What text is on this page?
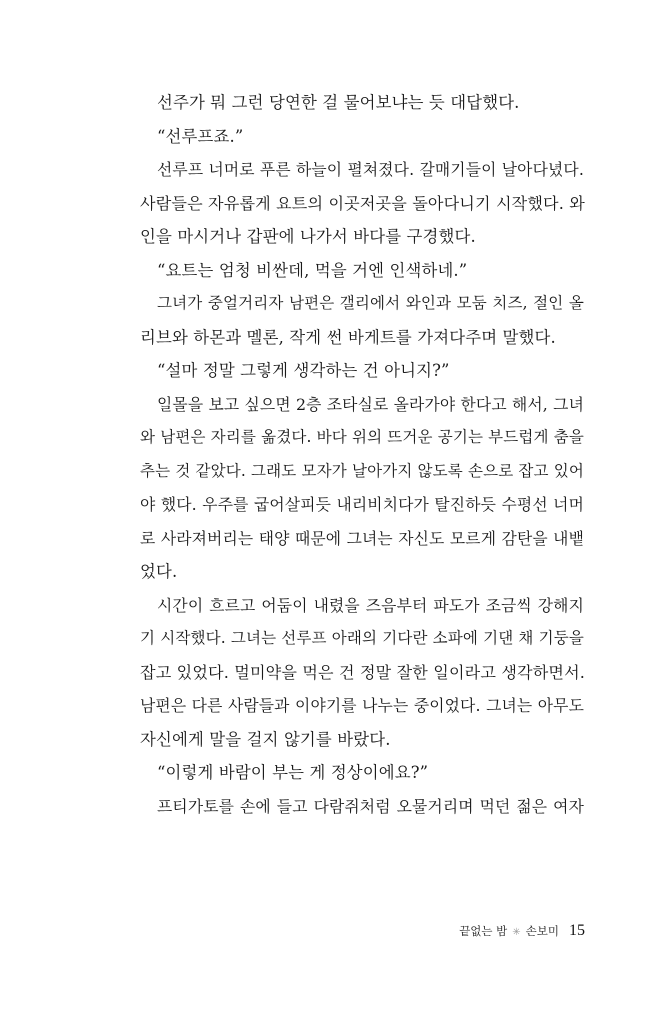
선주가 뭐 그런 당연한 걸 물어보냐는 듯 대답했다.
“선루프죠.”
선루프 너머로 푸른 하늘이 펼쳐졌다. 갈매기들이 날아다녔다.
사람들은 자유롭게 요트의 이곳저곳을 돌아다니기 시작했다. 와
인을 마시거나 갑판에 나가서 바다를 구경했다.
“요트는 엄청 비싼데, 먹을 거엔 인색하네.”
그녀가 중얼거리자 남편은 갤리에서 와인과 모둠 치즈, 절인 올
리브와 하몬과 멜론, 작게 썬 바게트를 가져다주며 말했다.
“설마 정말 그렇게 생각하는 건 아니지?”
일몰을 보고 싶으면 2층 조타실로 올라가야 한다고 해서, 그녀
와 남편은 자리를 옮겼다. 바다 위의 뜨거운 공기는 부드럽게 춤을
추는 것 같았다. 그래도 모자가 날아가지 않도록 손으로 잡고 있어
야 했다. 우주를 굽어살피듯 내리비치다가 탈진하듯 수평선 너머
로 사라져버리는 태양 때문에 그녀는 자신도 모르게 감탄을 내뱉
었다.
시간이 흐르고 어둠이 내렸을 즈음부터 파도가 조금씩 강해지
기 시작했다. 그녀는 선루프 아래의 기다란 소파에 기댄 채 기둥을
잡고 있었다. 멀미약을 먹은 건 정말 잘한 일이라고 생각하면서.
남편은 다른 사람들과 이야기를 나누는 중이었다. 그녀는 아무도
자신에게 말을 걸지 않기를 바랐다.
“이렇게 바람이 부는 게 정상이에요?”
프티가토를 손에 들고 다람쥐처럼 오물거리며 먹던 젊은 여자
끝없는 밤 ✳ 손보미 15
